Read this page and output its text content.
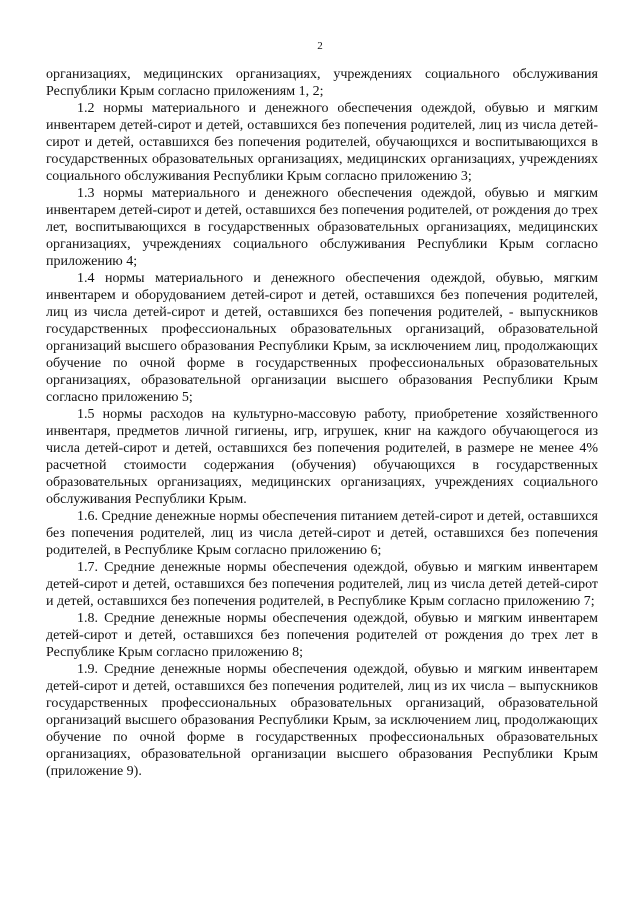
2

организациях, медицинских организациях, учреждениях социального обслуживания Республики Крым согласно приложениям 1, 2;

1.2 нормы материального и денежного обеспечения одеждой, обувью и мягким инвентарем детей-сирот и детей, оставшихся без попечения родителей, лиц из числа детей-сирот и детей, оставшихся без попечения родителей, обучающихся и воспитывающихся в государственных образовательных организациях, медицинских организациях, учреждениях социального обслуживания Республики Крым согласно приложению 3;

1.3 нормы материального и денежного обеспечения одеждой, обувью и мягким инвентарем детей-сирот и детей, оставшихся без попечения родителей, от рождения до трех лет, воспитывающихся в государственных образовательных организациях, медицинских организациях, учреждениях социального обслуживания Республики Крым согласно приложению 4;

1.4 нормы материального и денежного обеспечения одеждой, обувью, мягким инвентарем и оборудованием детей-сирот и детей, оставшихся без попечения родителей, лиц из числа детей-сирот и детей, оставшихся без попечения родителей, - выпускников государственных профессиональных образовательных организаций, образовательной организаций высшего образования Республики Крым, за исключением лиц, продолжающих обучение по очной форме в государственных профессиональных образовательных организациях, образовательной организации высшего образования Республики Крым согласно приложению 5;

1.5 нормы расходов на культурно-массовую работу, приобретение хозяйственного инвентаря, предметов личной гигиены, игр, игрушек, книг на каждого обучающегося из числа детей-сирот и детей, оставшихся без попечения родителей, в размере не менее 4% расчетной стоимости содержания (обучения) обучающихся в государственных образовательных организациях, медицинских организациях, учреждениях социального обслуживания Республики Крым.

1.6. Средние денежные нормы обеспечения питанием детей-сирот и детей, оставшихся без попечения родителей, лиц из числа детей-сирот и детей, оставшихся без попечения родителей, в Республике Крым согласно приложению 6;

1.7. Средние денежные нормы обеспечения одеждой, обувью и мягким инвентарем детей-сирот и детей, оставшихся без попечения родителей, лиц из числа детей детей-сирот и детей, оставшихся без попечения родителей, в Республике Крым согласно приложению 7;

1.8. Средние денежные нормы обеспечения одеждой, обувью и мягким инвентарем детей-сирот и детей, оставшихся без попечения родителей от рождения до трех лет в Республике Крым согласно приложению 8;

1.9. Средние денежные нормы обеспечения одеждой, обувью и мягким инвентарем детей-сирот и детей, оставшихся без попечения родителей, лиц из их числа – выпускников государственных профессиональных образовательных организаций, образовательной организаций высшего образования Республики Крым, за исключением лиц, продолжающих обучение по очной форме в государственных профессиональных образовательных организациях, образовательной организации высшего образования Республики Крым (приложение 9).
